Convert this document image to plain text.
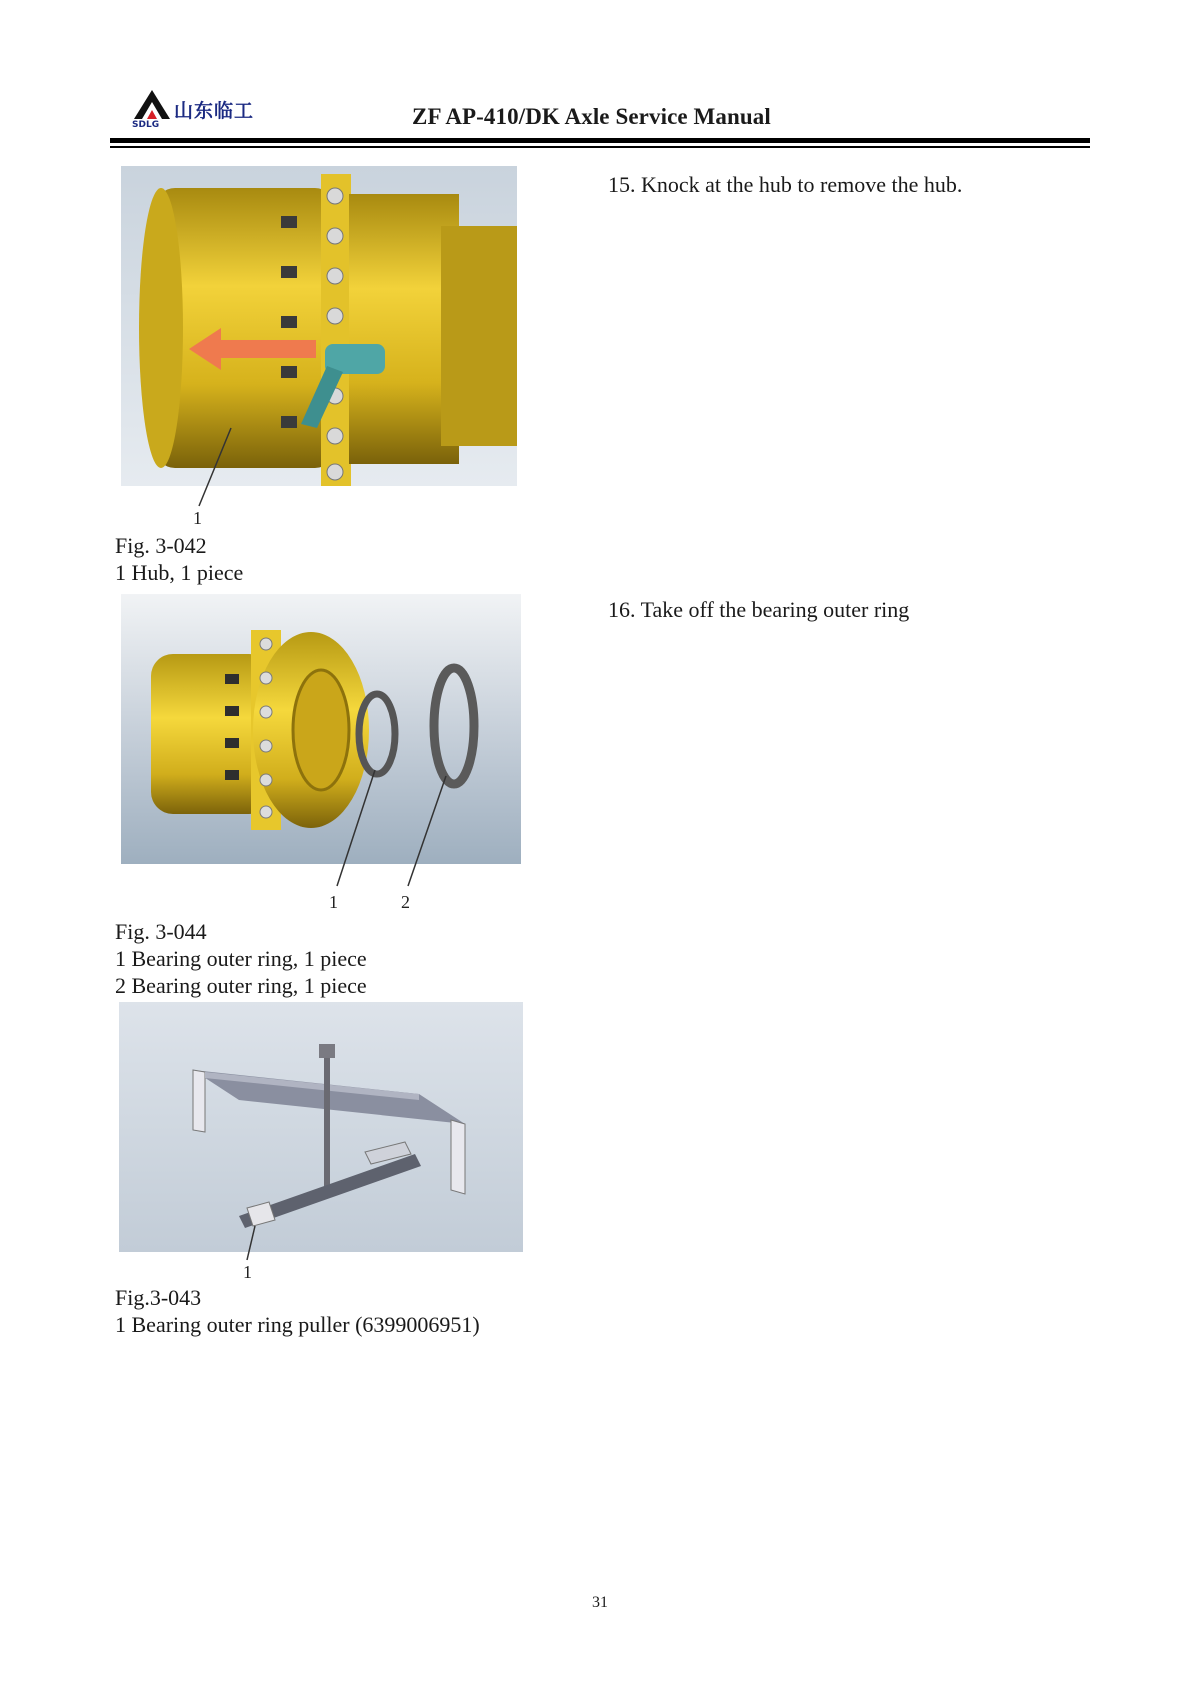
SDLG
山东临工	ZF AP-410/DK Axle Service Manual
1
Fig. 3-042
1 Hub, 1 piece
15. Knock at the hub to remove the hub.
1	2
Fig. 3-044
1 Bearing outer ring, 1 piece
2 Bearing outer ring, 1 piece
16. Take off the bearing outer ring
1
Fig.3-043
1 Bearing outer ring puller (6399006951)
31
